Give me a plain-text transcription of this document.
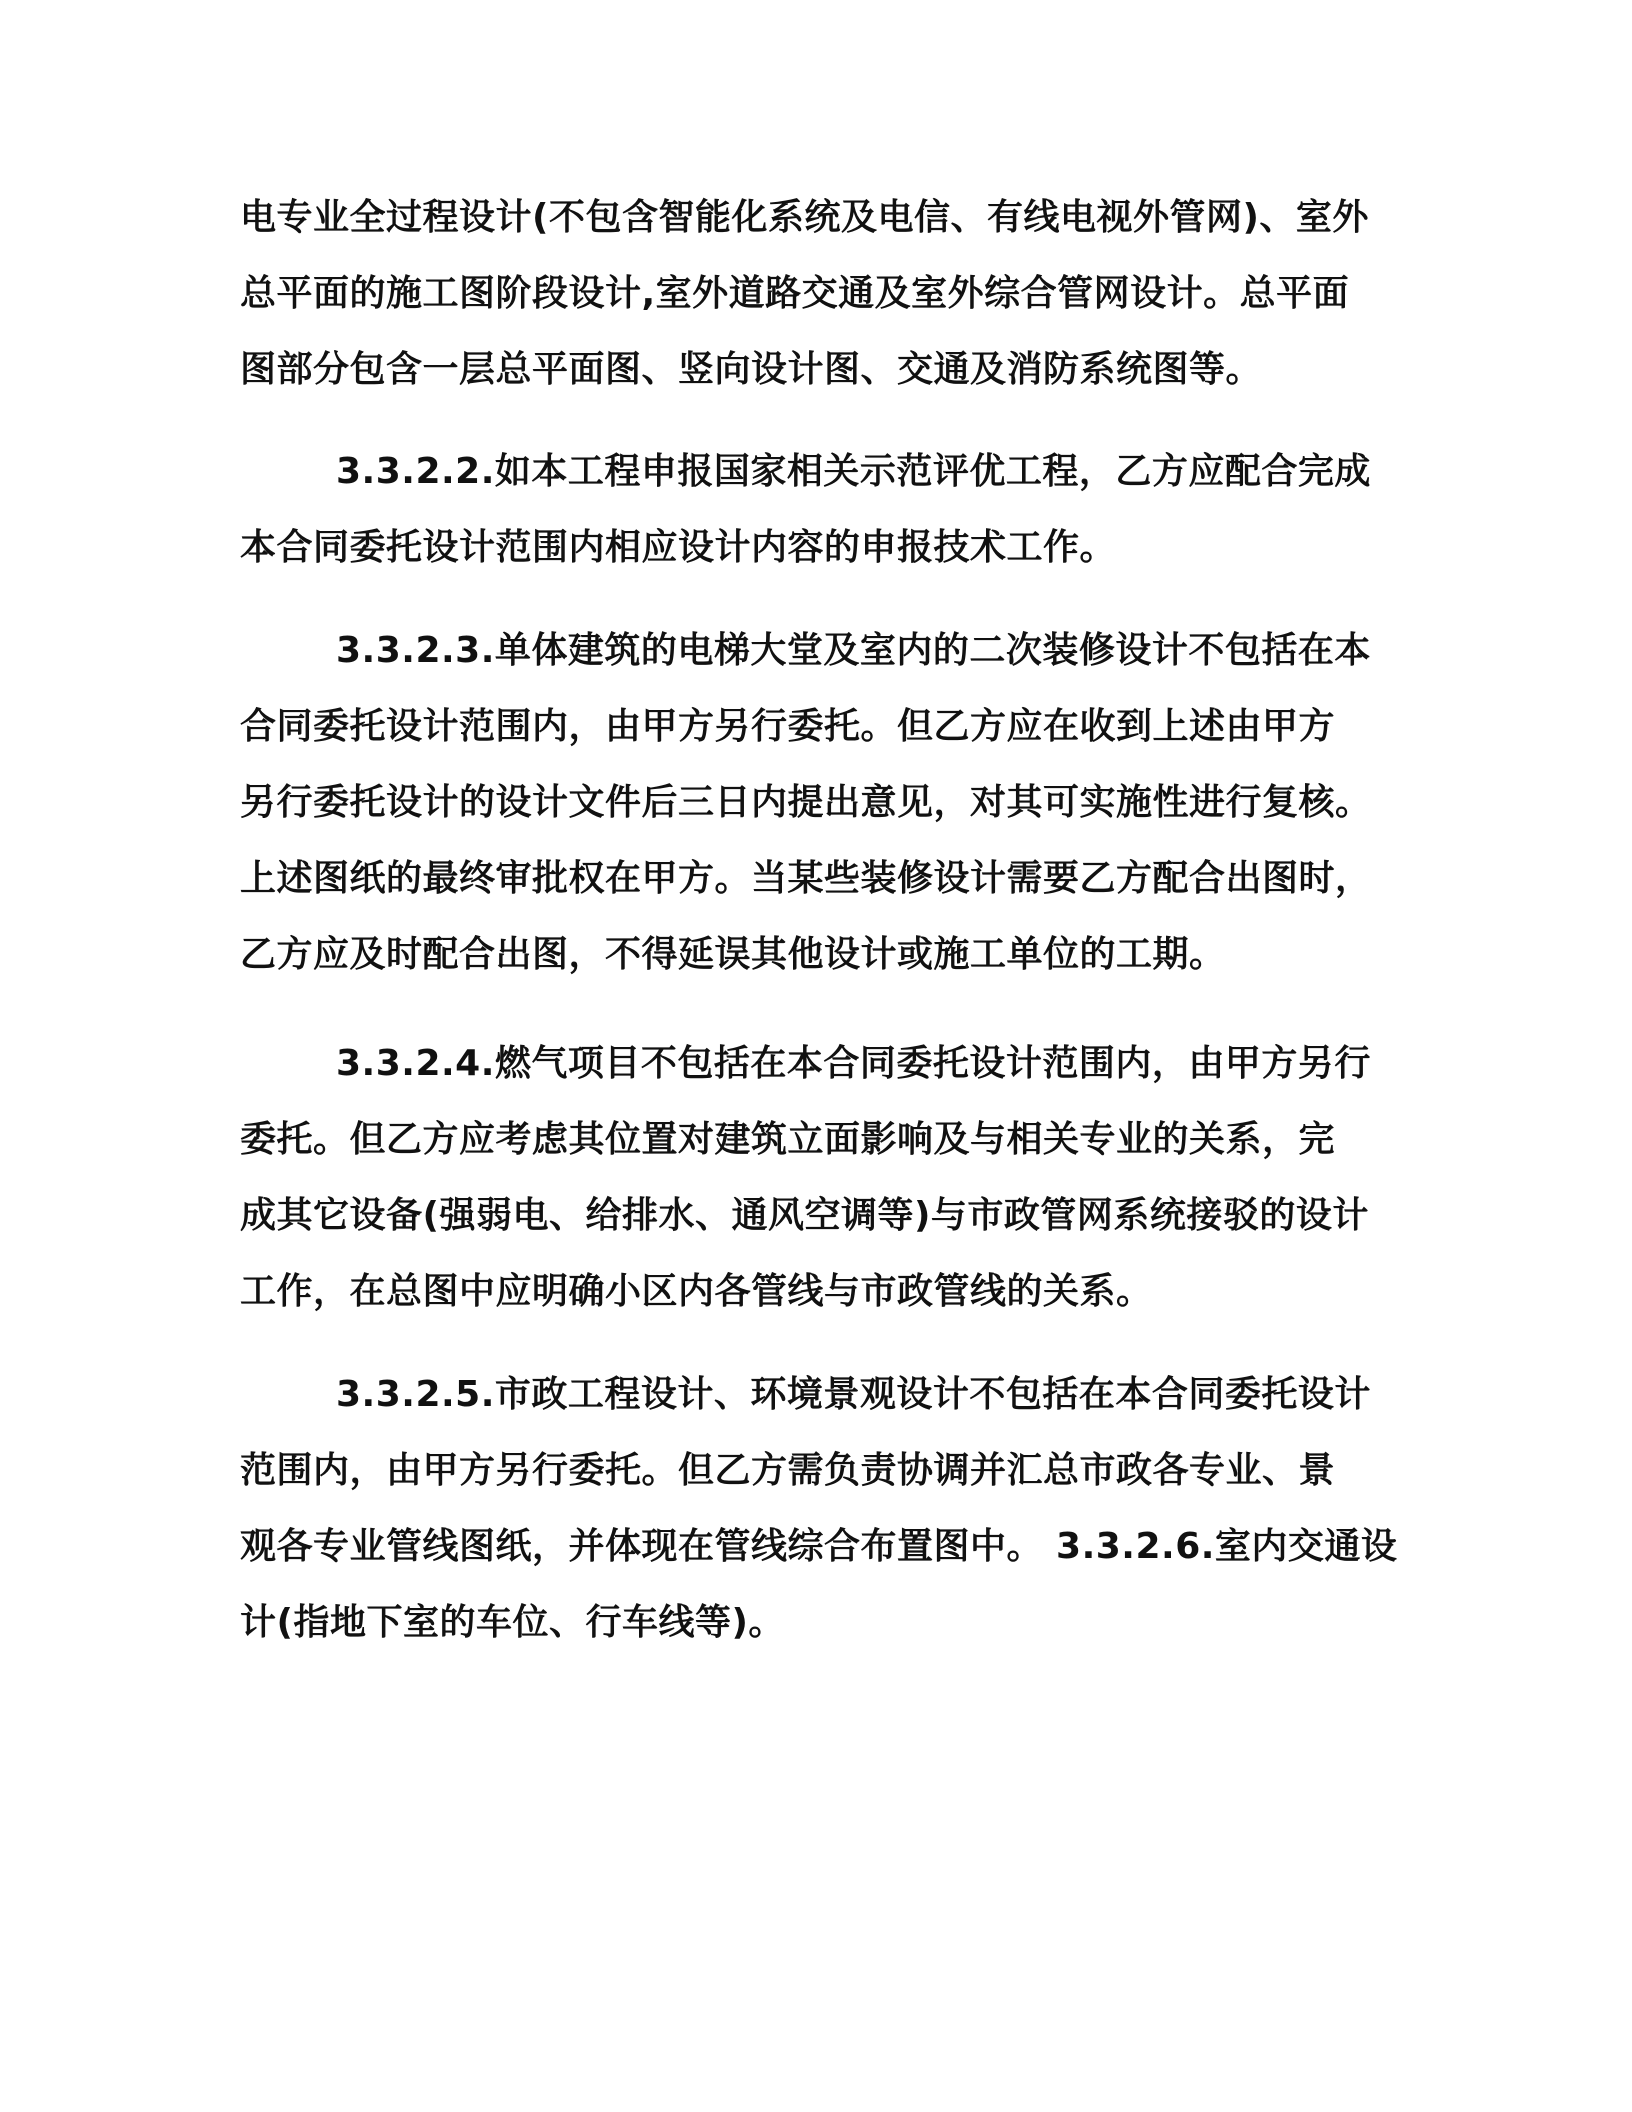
电专业全过程设计(不包含智能化系统及电信、有线电视外管网)、室外
总平面的施工图阶段设计,室外道路交通及室外综合管网设计。总平面
图部分包含一层总平面图、竖向设计图、交通及消防系统图等。
3.3.2.2.如本工程申报国家相关示范评优工程，乙方应配合完成
本合同委托设计范围内相应设计内容的申报技术工作。
3.3.2.3.单体建筑的电梯大堂及室内的二次装修设计不包括在本
合同委托设计范围内，由甲方另行委托。但乙方应在收到上述由甲方
另行委托设计的设计文件后三日内提出意见，对其可实施性进行复核。
上述图纸的最终审批权在甲方。当某些装修设计需要乙方配合出图时，
乙方应及时配合出图，不得延误其他设计或施工单位的工期。
3.3.2.4.燃气项目不包括在本合同委托设计范围内，由甲方另行
委托。但乙方应考虑其位置对建筑立面影响及与相关专业的关系，完
成其它设备(强弱电、给排水、通风空调等)与市政管网系统接驳的设计
工作，在总图中应明确小区内各管线与市政管线的关系。
3.3.2.5.市政工程设计、环境景观设计不包括在本合同委托设计
范围内，由甲方另行委托。但乙方需负责协调并汇总市政各专业、景
观各专业管线图纸，并体现在管线综合布置图中。 3.3.2.6.室内交通设
计(指地下室的车位、行车线等)。
